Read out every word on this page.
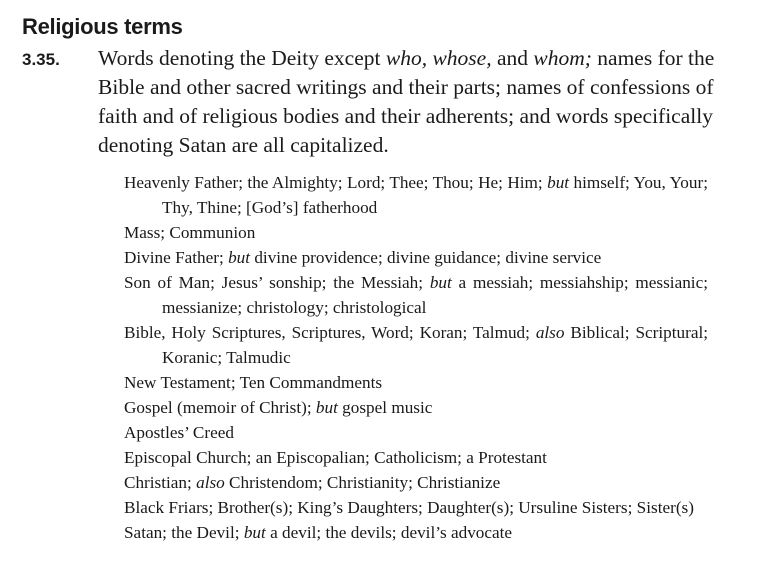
Religious terms
3.35. Words denoting the Deity except who, whose, and whom; names for the Bible and other sacred writings and their parts; names of confessions of faith and of religious bodies and their adherents; and words specifically denoting Satan are all capitalized.
Heavenly Father; the Almighty; Lord; Thee; Thou; He; Him; but himself; You, Your; Thy, Thine; [God’s] fatherhood
Mass; Communion
Divine Father; but divine providence; divine guidance; divine service
Son of Man; Jesus’ sonship; the Messiah; but a messiah; messiahship; messianic; messianize; christology; christological
Bible, Holy Scriptures, Scriptures, Word; Koran; Talmud; also Biblical; Scriptural; Koranic; Talmudic
New Testament; Ten Commandments
Gospel (memoir of Christ); but gospel music
Apostles’ Creed
Episcopal Church; an Episcopalian; Catholicism; a Protestant
Christian; also Christendom; Christianity; Christianize
Black Friars; Brother(s); King’s Daughters; Daughter(s); Ursuline Sisters; Sister(s)
Satan; the Devil; but a devil; the devils; devil’s advocate
